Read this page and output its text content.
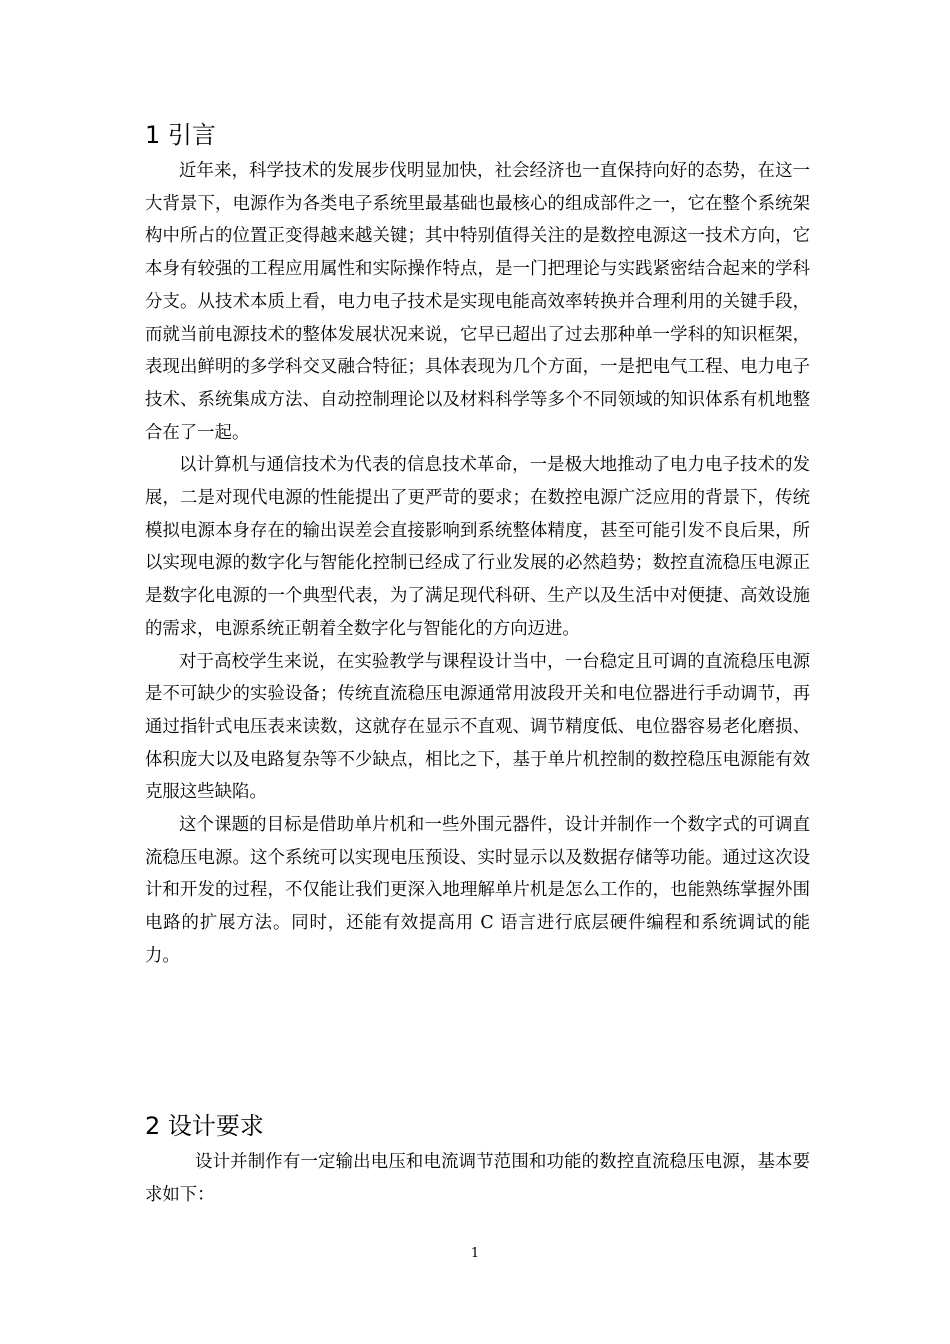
1 引言

近年来，科学技术的发展步伐明显加快，社会经济也一直保持向好的态势，在这一大背景下，电源作为各类电子系统里最基础也最核心的组成部件之一，它在整个系统架构中所占的位置正变得越来越关键；其中特别值得关注的是数控电源这一技术方向，它本身有较强的工程应用属性和实际操作特点，是一门把理论与实践紧密结合起来的学科分支。从技术本质上看，电力电子技术是实现电能高效率转换并合理利用的关键手段，而就当前电源技术的整体发展状况来说，它早已超出了过去那种单一学科的知识框架，表现出鲜明的多学科交叉融合特征；具体表现为几个方面，一是把电气工程、电力电子技术、系统集成方法、自动控制理论以及材料科学等多个不同领域的知识体系有机地整合在了一起。

以计算机与通信技术为代表的信息技术革命，一是极大地推动了电力电子技术的发展，二是对现代电源的性能提出了更严苛的要求；在数控电源广泛应用的背景下，传统模拟电源本身存在的输出误差会直接影响到系统整体精度，甚至可能引发不良后果，所以实现电源的数字化与智能化控制已经成了行业发展的必然趋势；数控直流稳压电源正是数字化电源的一个典型代表，为了满足现代科研、生产以及生活中对便捷、高效设施的需求，电源系统正朝着全数字化与智能化的方向迈进。

对于高校学生来说，在实验教学与课程设计当中，一台稳定且可调的直流稳压电源是不可缺少的实验设备；传统直流稳压电源通常用波段开关和电位器进行手动调节，再通过指针式电压表来读数，这就存在显示不直观、调节精度低、电位器容易老化磨损、体积庞大以及电路复杂等不少缺点，相比之下，基于单片机控制的数控稳压电源能有效克服这些缺陷。

这个课题的目标是借助单片机和一些外围元器件，设计并制作一个数字式的可调直流稳压电源。这个系统可以实现电压预设、实时显示以及数据存储等功能。通过这次设计和开发的过程，不仅能让我们更深入地理解单片机是怎么工作的，也能熟练掌握外围电路的扩展方法。同时，还能有效提高用 C 语言进行底层硬件编程和系统调试的能力。

2 设计要求

设计并制作有一定输出电压和电流调节范围和功能的数控直流稳压电源，基本要求如下：

1
